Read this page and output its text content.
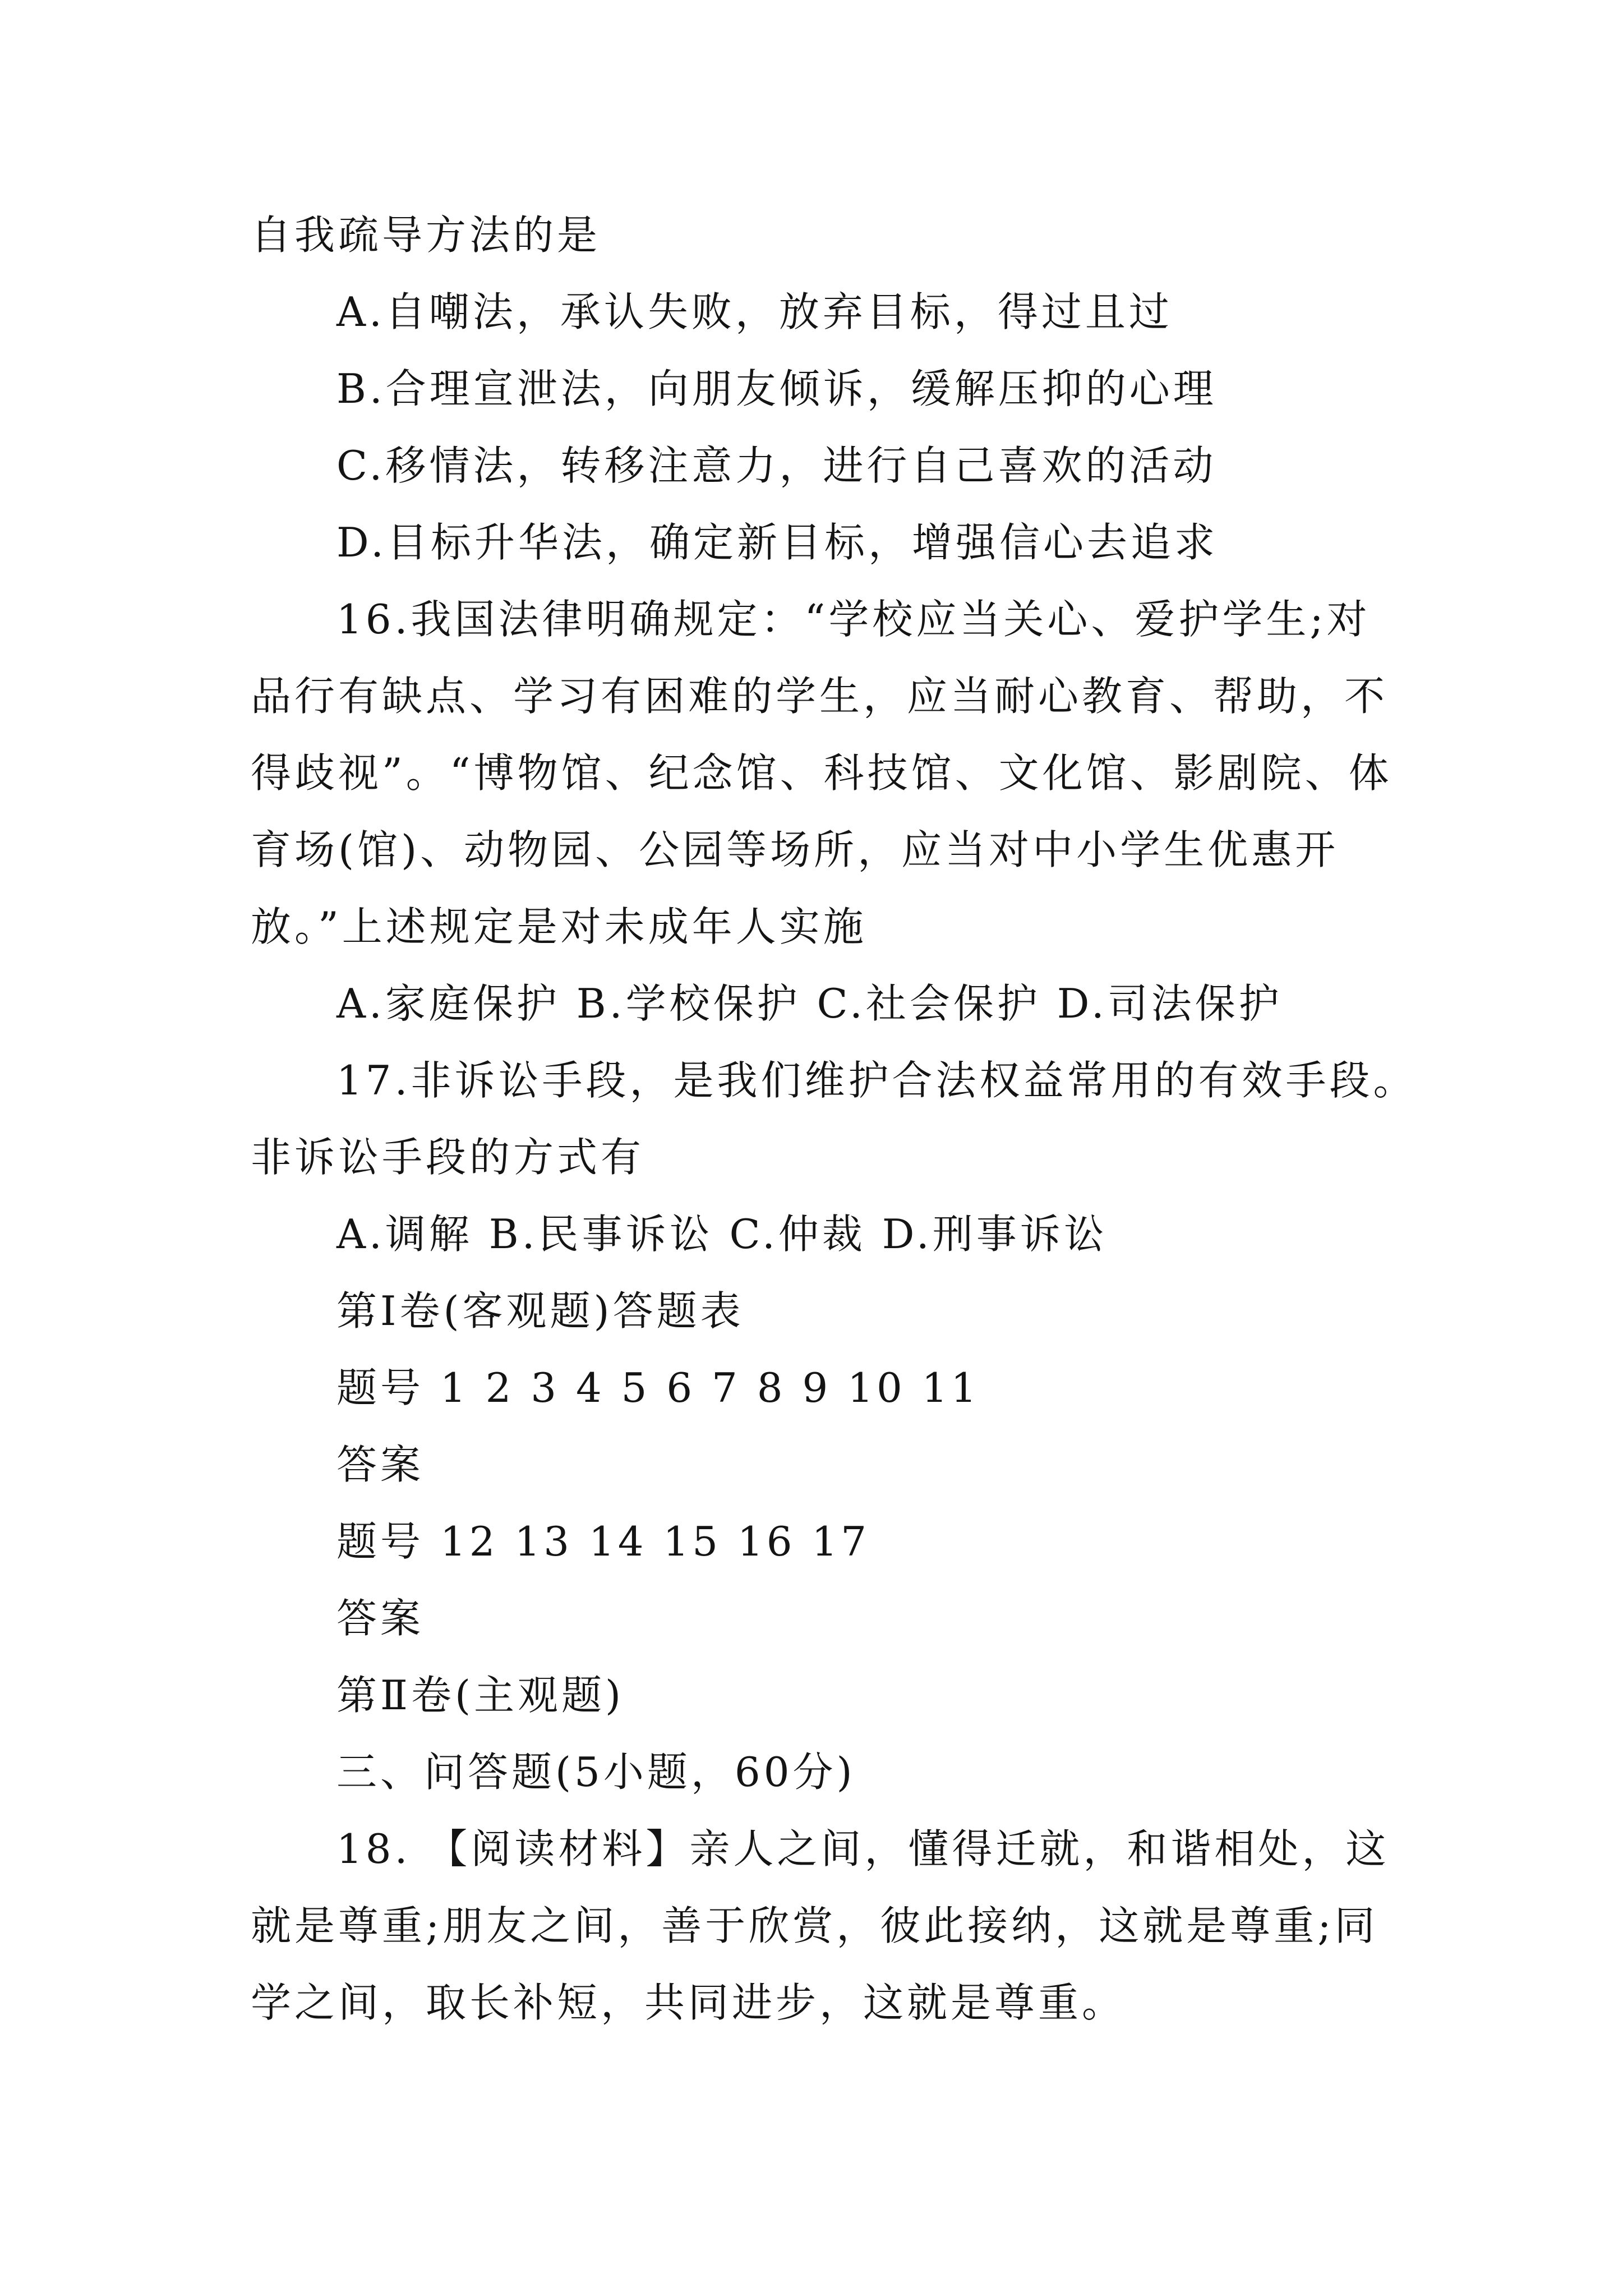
自我疏导方法的是
A.自嘲法，承认失败，放弃目标，得过且过
B.合理宣泄法，向朋友倾诉，缓解压抑的心理
C.移情法，转移注意力，进行自己喜欢的活动
D.目标升华法，确定新目标，增强信心去追求
16.我国法律明确规定：“学校应当关心、爱护学生;对
品行有缺点、学习有困难的学生，应当耐心教育、帮助，不
得歧视”。“博物馆、纪念馆、科技馆、文化馆、影剧院、体
育场(馆)、动物园、公园等场所，应当对中小学生优惠开
放。”上述规定是对未成年人实施
A.家庭保护 B.学校保护 C.社会保护 D.司法保护
17.非诉讼手段，是我们维护合法权益常用的有效手段。
非诉讼手段的方式有
A.调解 B.民事诉讼 C.仲裁 D.刑事诉讼
第Ⅰ卷(客观题)答题表
题号 1 2 3 4 5 6 7 8 9 10 11
答案
题号 12 13 14 15 16 17
答案
第Ⅱ卷(主观题)
三、问答题(5小题，60分)
18. 【阅读材料】亲人之间，懂得迁就，和谐相处，这
就是尊重;朋友之间，善于欣赏，彼此接纳，这就是尊重;同
学之间，取长补短，共同进步，这就是尊重。
